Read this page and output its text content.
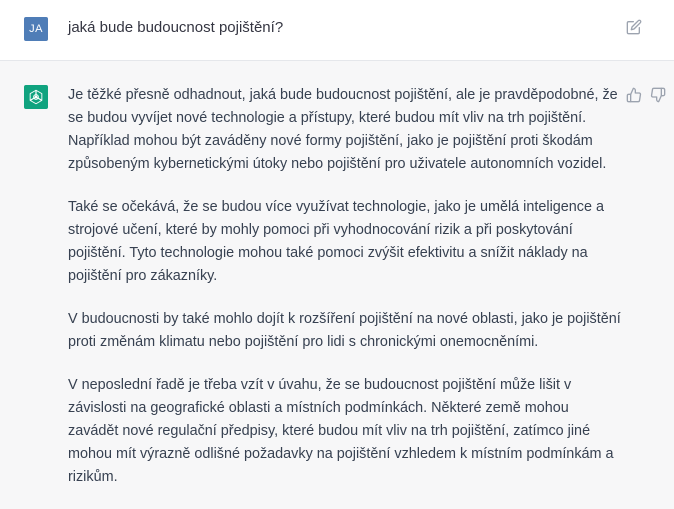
JA	jaká bude budoucnost pojištění?

Je těžké přesně odhadnout, jaká bude budoucnost pojištění, ale je pravděpodobné, že se budou vyvíjet nové technologie a přístupy, které budou mít vliv na trh pojištění. Například mohou být zaváděny nové formy pojištění, jako je pojištění proti škodám způsobeným kybernetickými útoky nebo pojištění pro uživatele autonomních vozidel.

Také se očekává, že se budou více využívat technologie, jako je umělá inteligence a strojové učení, které by mohly pomoci při vyhodnocování rizik a při poskytování pojištění. Tyto technologie mohou také pomoci zvýšit efektivitu a snížit náklady na pojištění pro zákazníky.

V budoucnosti by také mohlo dojít k rozšíření pojištění na nové oblasti, jako je pojištění proti změnám klimatu nebo pojištění pro lidi s chronickými onemocněními.

V neposlední řadě je třeba vzít v úvahu, že se budoucnost pojištění může lišit v závislosti na geografické oblasti a místních podmínkách. Některé země mohou zavádět nové regulační předpisy, které budou mít vliv na trh pojištění, zatímco jiné mohou mít výrazně odlišné požadavky na pojištění vzhledem k místním podmínkám a rizikům.
